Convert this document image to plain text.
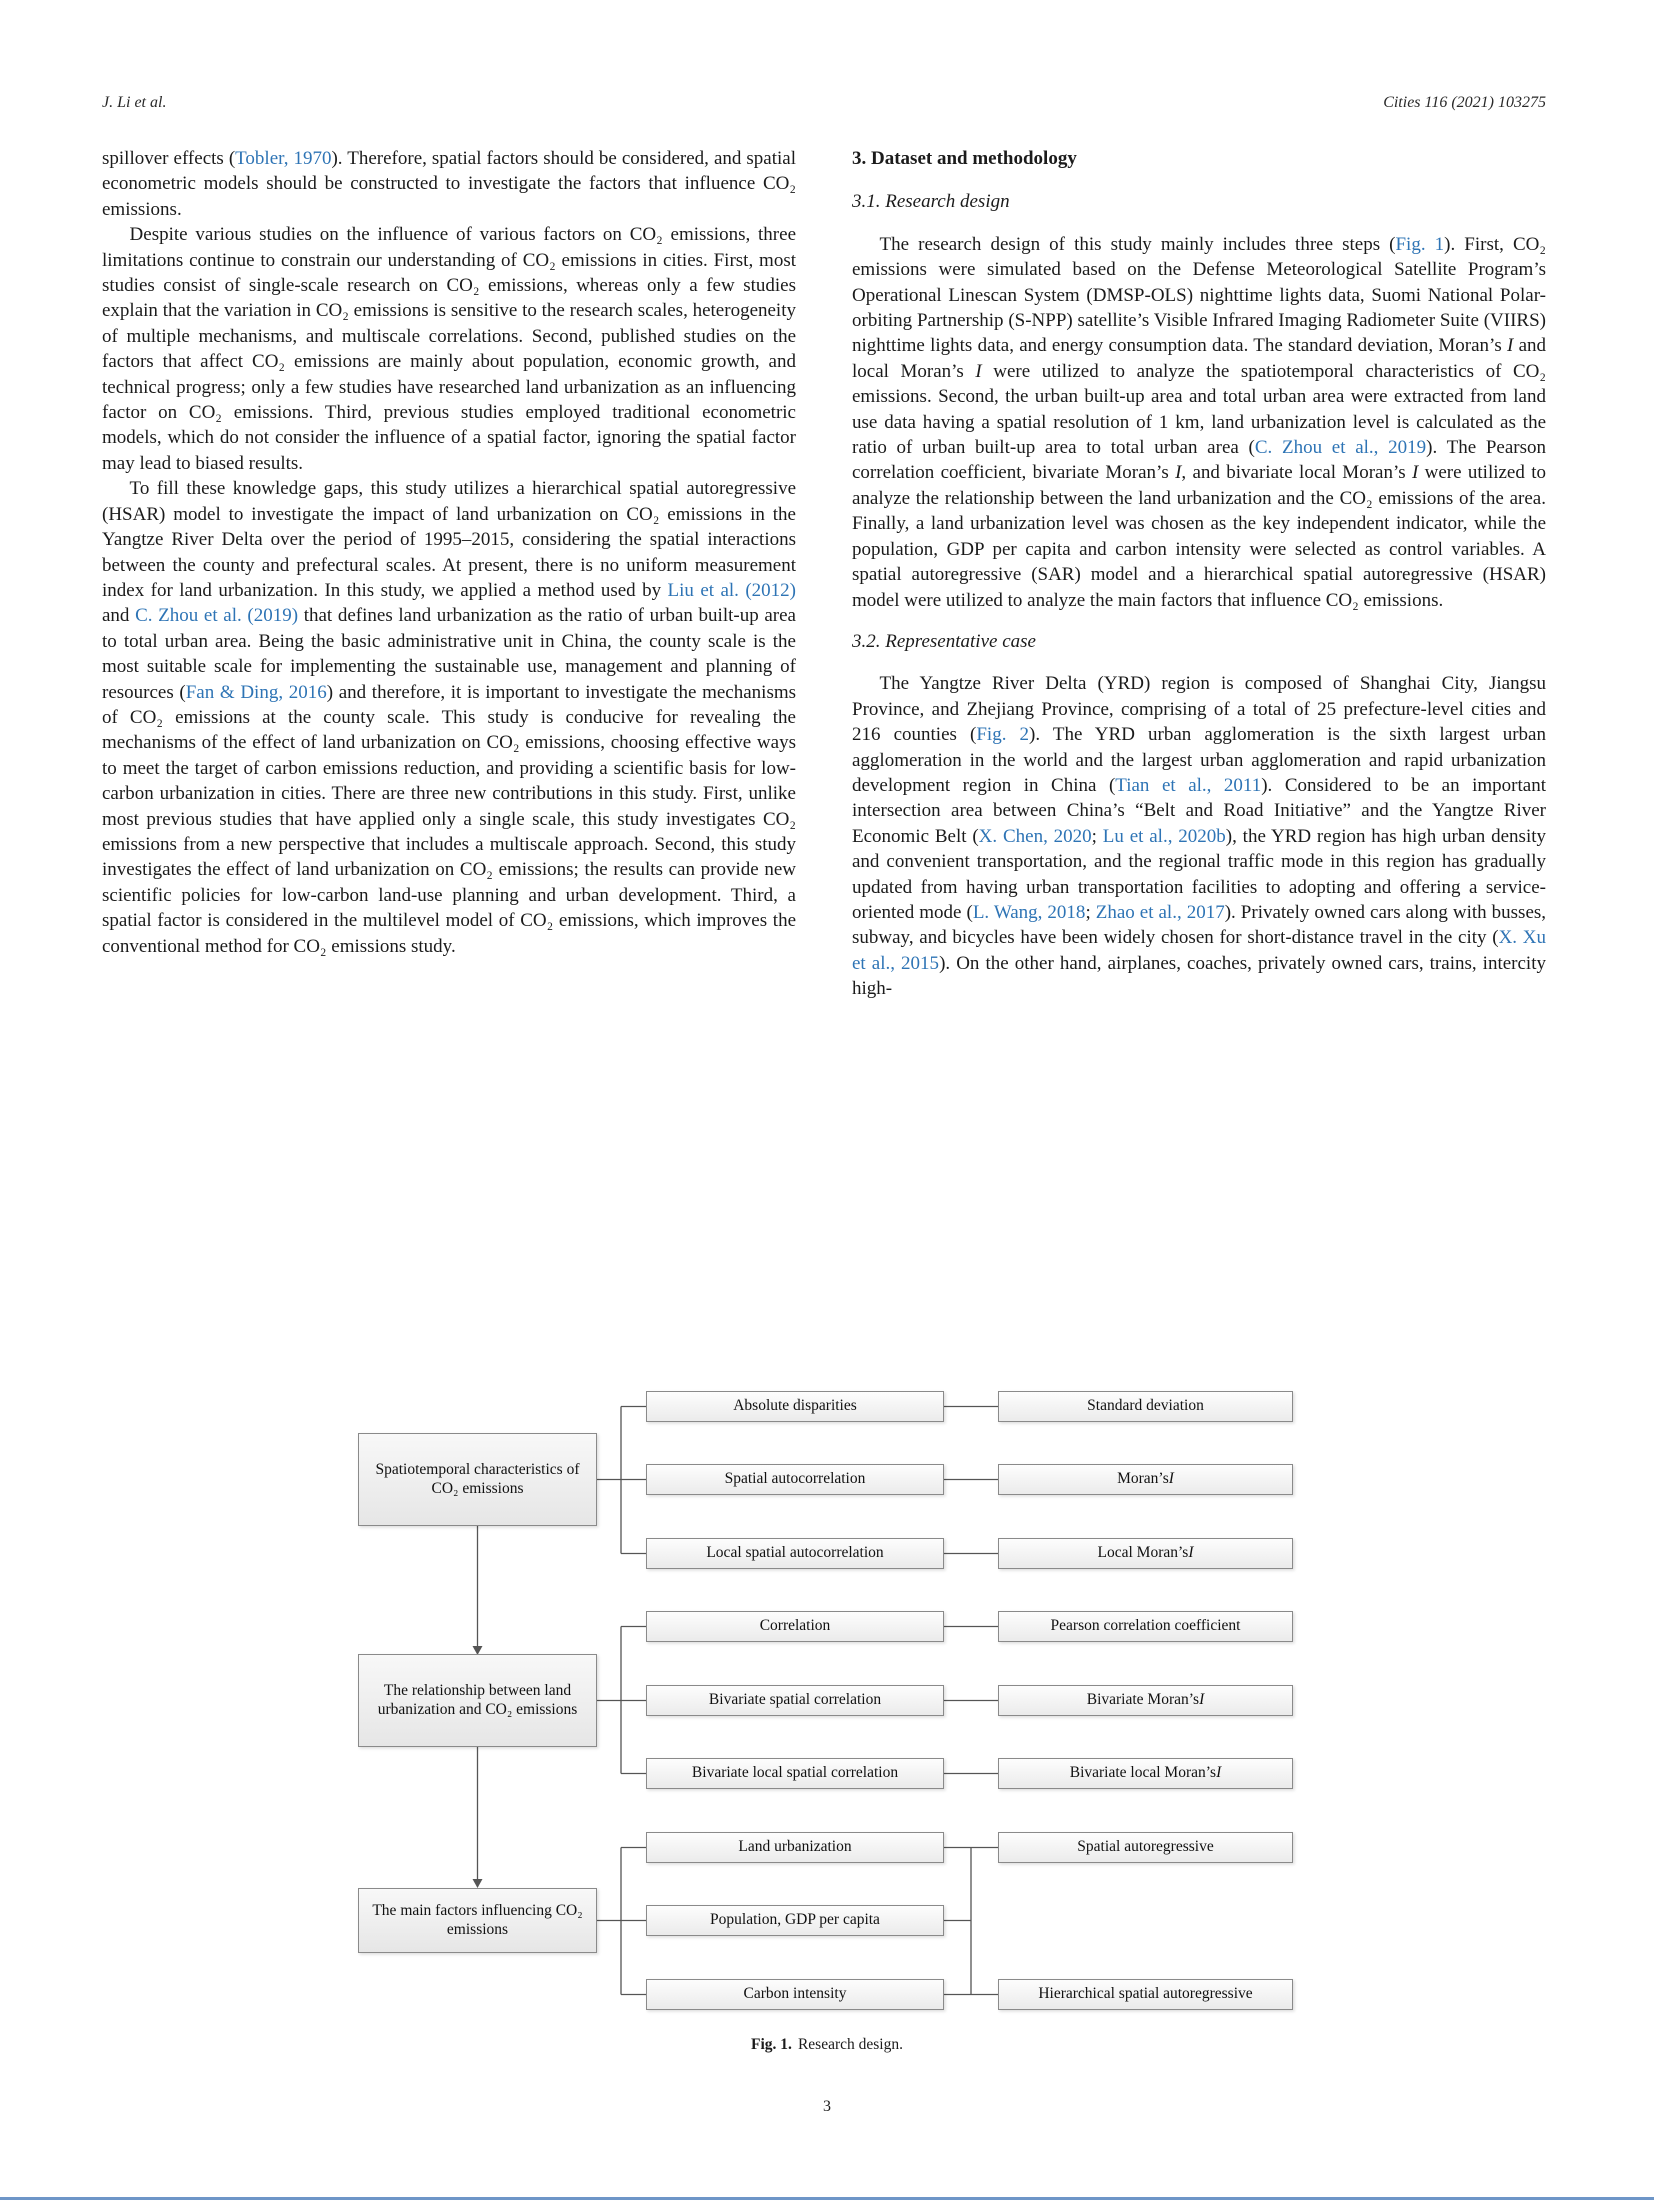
J. Li et al.	Cities 116 (2021) 103275

spillover effects (Tobler, 1970). Therefore, spatial factors should be considered, and spatial econometric models should be constructed to investigate the factors that influence CO₂ emissions.

Despite various studies on the influence of various factors on CO₂ emissions, three limitations continue to constrain our understanding of CO₂ emissions in cities. First, most studies consist of single-scale research on CO₂ emissions, whereas only a few studies explain that the variation in CO₂ emissions is sensitive to the research scales, heterogeneity of multiple mechanisms, and multiscale correlations. Second, published studies on the factors that affect CO₂ emissions are mainly about population, economic growth, and technical progress; only a few studies have researched land urbanization as an influencing factor on CO₂ emissions. Third, previous studies employed traditional econometric models, which do not consider the influence of a spatial factor, ignoring the spatial factor may lead to biased results.

To fill these knowledge gaps, this study utilizes a hierarchical spatial autoregressive (HSAR) model to investigate the impact of land urbanization on CO₂ emissions in the Yangtze River Delta over the period of 1995–2015, considering the spatial interactions between the county and prefectural scales. At present, there is no uniform measurement index for land urbanization. In this study, we applied a method used by Liu et al. (2012) and C. Zhou et al. (2019) that defines land urbanization as the ratio of urban built-up area to total urban area. Being the basic administrative unit in China, the county scale is the most suitable scale for implementing the sustainable use, management and planning of resources (Fan & Ding, 2016) and therefore, it is important to investigate the mechanisms of CO₂ emissions at the county scale. This study is conducive for revealing the mechanisms of the effect of land urbanization on CO₂ emissions, choosing effective ways to meet the target of carbon emissions reduction, and providing a scientific basis for low-carbon urbanization in cities. There are three new contributions in this study. First, unlike most previous studies that have applied only a single scale, this study investigates CO₂ emissions from a new perspective that includes a multiscale approach. Second, this study investigates the effect of land urbanization on CO₂ emissions; the results can provide new scientific policies for low-carbon land-use planning and urban development. Third, a spatial factor is considered in the multilevel model of CO₂ emissions, which improves the conventional method for CO₂ emissions study.

3. Dataset and methodology
3.1. Research design

The research design of this study mainly includes three steps (Fig. 1). First, CO₂ emissions were simulated based on the Defense Meteorological Satellite Program’s Operational Linescan System (DMSP-OLS) nighttime lights data, Suomi National Polar-orbiting Partnership (S-NPP) satellite’s Visible Infrared Imaging Radiometer Suite (VIIRS) nighttime lights data, and energy consumption data. The standard deviation, Moran’s I and local Moran’s I were utilized to analyze the spatiotemporal characteristics of CO₂ emissions. Second, the urban built-up area and total urban area were extracted from land use data having a spatial resolution of 1 km, land urbanization level is calculated as the ratio of urban built-up area to total urban area (C. Zhou et al., 2019). The Pearson correlation coefficient, bivariate Moran’s I, and bivariate local Moran’s I were utilized to analyze the relationship between the land urbanization and the CO₂ emissions of the area. Finally, a land urbanization level was chosen as the key independent indicator, while the population, GDP per capita and carbon intensity were selected as control variables. A spatial autoregressive (SAR) model and a hierarchical spatial autoregressive (HSAR) model were utilized to analyze the main factors that influence CO₂ emissions.

3.2. Representative case

The Yangtze River Delta (YRD) region is composed of Shanghai City, Jiangsu Province, and Zhejiang Province, comprising of a total of 25 prefecture-level cities and 216 counties (Fig. 2). The YRD urban agglomeration is the sixth largest urban agglomeration in the world and the largest urban agglomeration and rapid urbanization development region in China (Tian et al., 2011). Considered to be an important intersection area between China’s “Belt and Road Initiative” and the Yangtze River Economic Belt (X. Chen, 2020; Lu et al., 2020b), the YRD region has high urban density and convenient transportation, and the regional traffic mode in this region has gradually updated from having urban transportation facilities to adopting and offering a service-oriented mode (L. Wang, 2018; Zhao et al., 2017). Privately owned cars along with busses, subway, and bicycles have been widely chosen for short-distance travel in the city (X. Xu et al., 2015). On the other hand, airplanes, coaches, privately owned cars, trains, intercity high-

Spatiotemporal characteristics of CO₂ emissions
The relationship between land urbanization and CO₂ emissions
The main factors influencing CO₂ emissions
Absolute disparities
Spatial autocorrelation
Local spatial autocorrelation
Correlation
Bivariate spatial correlation
Bivariate local spatial correlation
Land urbanization
Population, GDP per capita
Carbon intensity
Standard deviation
Moran’s I
Local Moran’s I
Pearson correlation coefficient
Bivariate Moran’s I
Bivariate local Moran’s I
Spatial autoregressive
Hierarchical spatial autoregressive
Fig. 1. Research design.
3
